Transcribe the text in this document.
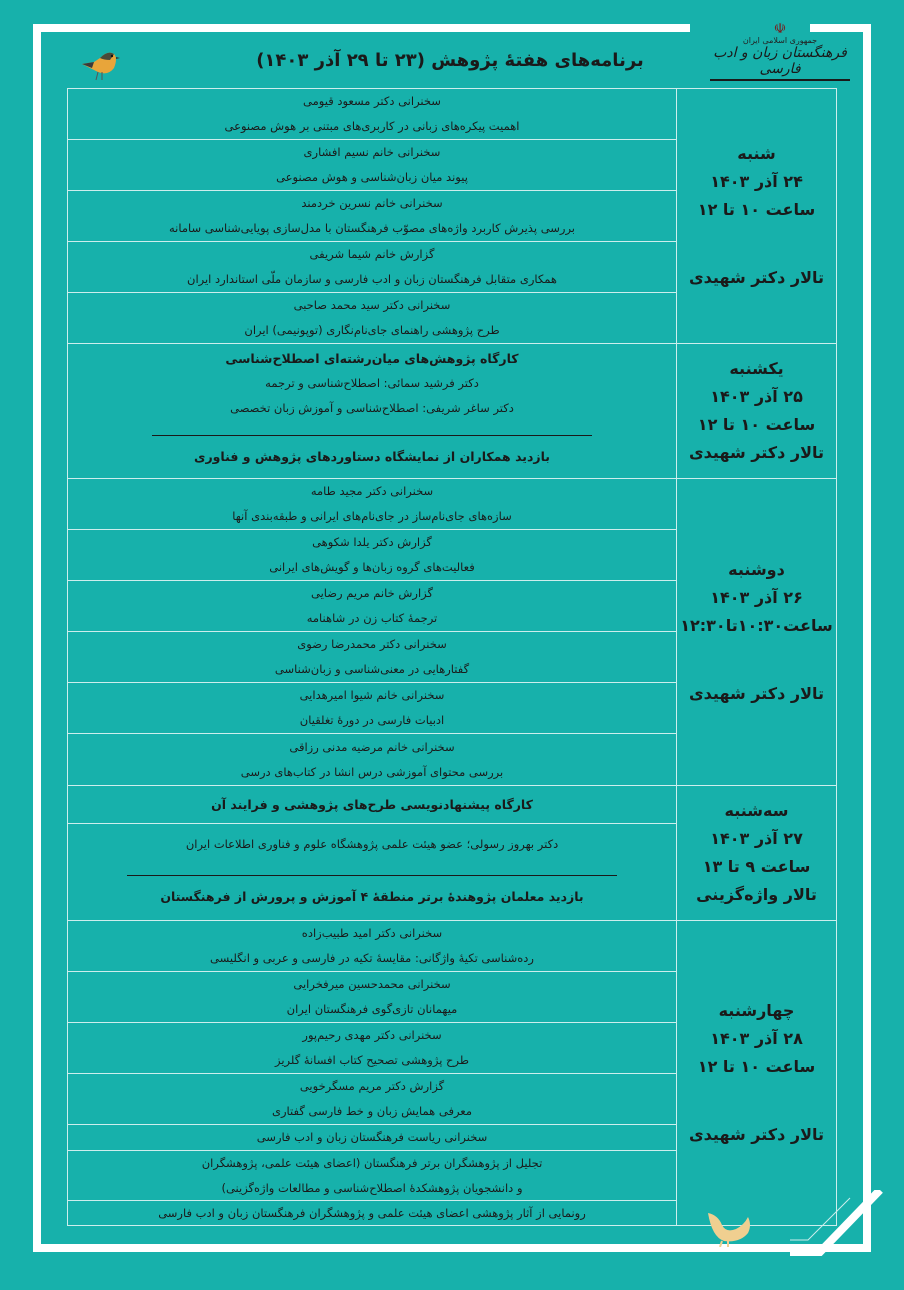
برنامه‌های هفتهٔ پژوهش (۲۳ تا ۲۹ آذر ۱۴۰۳)
☫
جمهوری اسلامی ایران
فرهنگستان زبان و ادب فارسی
شنبه
۲۴ آذر ۱۴۰۳
ساعت ۱۰ تا ۱۲
تالار دکتر شهیدی
سخنرانی دکتر مسعود قیومی
اهمیت پیکره‌های زبانی در کاربری‌های مبتنی بر هوش مصنوعی
سخنرانی خانم نسیم افشاری
پیوند میان زبان‌شناسی و هوش مصنوعی
سخنرانی خانم نسرین خردمند
بررسی پذیرش کاربرد واژه‌های مصوّب فرهنگستان با مدل‌سازی پویایی‌شناسی سامانه
گزارش خانم شیما شریفی
همکاری متقابل فرهنگستان زبان و ادب فارسی و سازمان ملّی استاندارد ایران
سخنرانی دکتر سید محمد صاحبی
طرح پژوهشی راهنمای جای‌نام‌نگاری (توپونیمی) ایران
یکشنبه
۲۵ آذر ۱۴۰۳
ساعت ۱۰ تا ۱۲
تالار دکتر شهیدی
کارگاه پژوهش‌های میان‌رشته‌ای اصطلاح‌شناسی
دکتر فرشید سمائی: اصطلاح‌شناسی و ترجمه
دکتر ساغر شریفی: اصطلاح‌شناسی و آموزش زبان تخصصی
بازدید همکاران از نمایشگاه دستاوردهای پژوهش و فناوری
دوشنبه
۲۶ آذر ۱۴۰۳
ساعت۱۰:۳۰تا۱۲:۳۰
تالار دکتر شهیدی
سخنرانی دکتر مجید طامه
سازه‌های جای‌نام‌ساز در جای‌نام‌های ایرانی و طبقه‌بندی آنها
گزارش دکتر یلدا شکوهی
فعالیت‌های گروه زبان‌ها و گویش‌های ایرانی
گزارش خانم مریم رضایی
ترجمهٔ کتاب زن در شاهنامه
سخنرانی دکتر محمدرضا رضوی
گفتارهایی در معنی‌شناسی و زبان‌شناسی
سخنرانی خانم شیوا امیرهدایی
ادبیات فارسی در دورهٔ تغلقیان
سخنرانی خانم مرضیه مدنی رزاقی
بررسی محتوای آموزشی درس انشا در کتاب‌های درسی
سه‌شنبه
۲۷ آذر ۱۴۰۳
ساعت ۹ تا ۱۳
تالار واژه‌گزینی
کارگاه پیشنهادنویسی طرح‌های پژوهشی و فرایند آن
دکتر بهروز رسولی؛ عضو هیئت علمی پژوهشگاه علوم و فناوری اطلاعات ایران
بازدید معلمان پژوهندهٔ برتر منطقهٔ ۴ آموزش و پرورش از فرهنگستان
چهارشنبه
۲۸ آذر ۱۴۰۳
ساعت ۱۰ تا ۱۲
تالار دکتر شهیدی
سخنرانی دکتر امید طبیب‌زاده
رده‌شناسی تکیهٔ واژگانی: مقایسهٔ تکیه در فارسی و عربی و انگلیسی
سخنرانی محمدحسین میرفخرایی
میهمانان تازی‌گوی فرهنگستان ایران
سخنرانی دکتر مهدی رحیم‌پور
طرح پژوهشی تصحیح کتاب افسانهٔ گلریز
گزارش دکتر مریم مسگرخویی
معرفی همایش زبان و خط فارسی گفتاری
سخنرانی ریاست فرهنگستان زبان و ادب فارسی
تجلیل از پژوهشگران برتر فرهنگستان (اعضای هیئت علمی، پژوهشگران
و دانشجویان پژوهشکدهٔ اصطلاح‌شناسی و مطالعات واژه‌گزینی)
رونمایی از آثار پژوهشی اعضای هیئت علمی و پژوهشگران فرهنگستان زبان و ادب فارسی
